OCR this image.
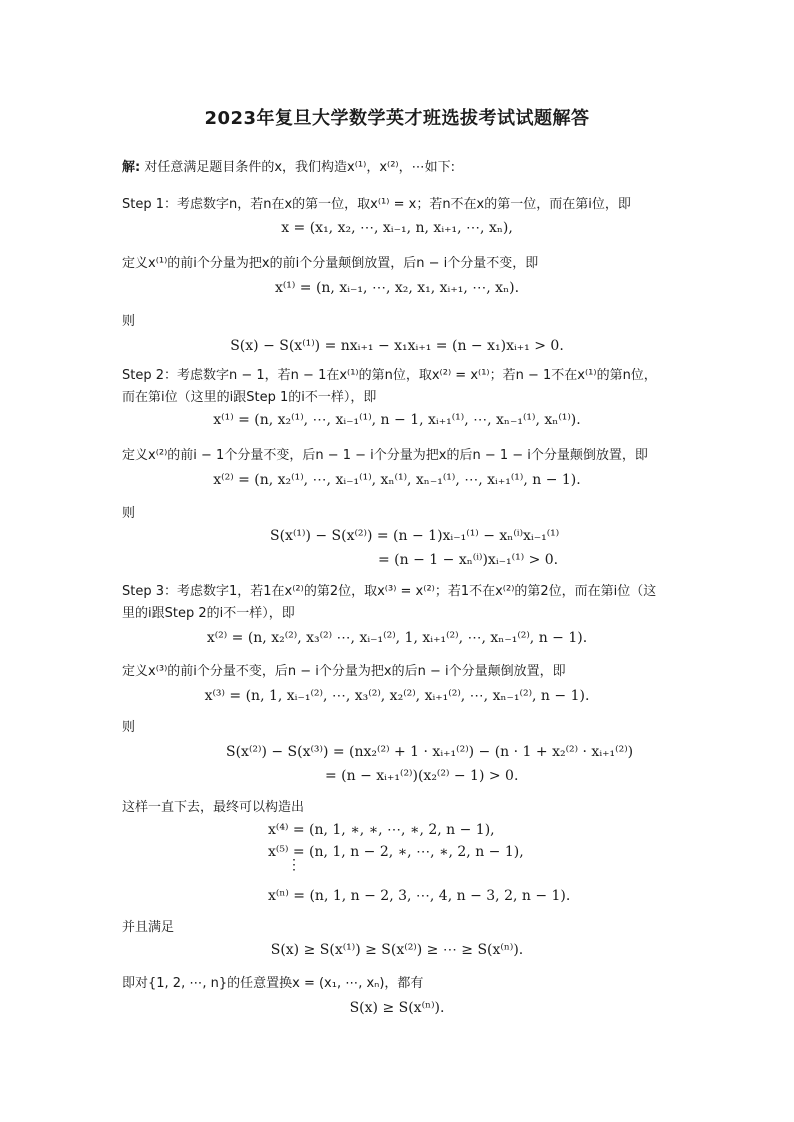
2023年复旦大学数学英才班选拔考试试题解答
解: 对任意满足题目条件的x，我们构造x⁽¹⁾，x⁽²⁾，⋯如下:
Step 1：考虑数字n，若n在x的第一位，取x⁽¹⁾ = x；若n不在x的第一位，而在第i位，即
x = (x₁, x₂, ⋯, xᵢ₋₁, n, xᵢ₊₁, ⋯, xₙ),
定义x⁽¹⁾的前i个分量为把x的前i个分量颠倒放置，后n − i个分量不变，即
x⁽¹⁾ = (n, xᵢ₋₁, ⋯, x₂, x₁, xᵢ₊₁, ⋯, xₙ).
则
S(x) − S(x⁽¹⁾) = nxᵢ₊₁ − x₁xᵢ₊₁ = (n − x₁)xᵢ₊₁ > 0.
Step 2：考虑数字n − 1，若n − 1在x⁽¹⁾的第n位，取x⁽²⁾ = x⁽¹⁾；若n − 1不在x⁽¹⁾的第n位，
而在第i位（这里的i跟Step 1的i不一样），即
x⁽¹⁾ = (n, x₂⁽¹⁾, ⋯, xᵢ₋₁⁽¹⁾, n − 1, xᵢ₊₁⁽¹⁾, ⋯, xₙ₋₁⁽¹⁾, xₙ⁽¹⁾).
定义x⁽²⁾的前i − 1个分量不变，后n − 1 − i个分量为把x的后n − 1 − i个分量颠倒放置，即
x⁽²⁾ = (n, x₂⁽¹⁾, ⋯, xᵢ₋₁⁽¹⁾, xₙ⁽¹⁾, xₙ₋₁⁽¹⁾, ⋯, xᵢ₊₁⁽¹⁾, n − 1).
则
S(x⁽¹⁾) − S(x⁽²⁾) = (n − 1)xᵢ₋₁⁽¹⁾ − xₙ⁽ⁱ⁾xᵢ₋₁⁽¹⁾
= (n − 1 − xₙ⁽ⁱ⁾)xᵢ₋₁⁽¹⁾ > 0.
Step 3：考虑数字1，若1在x⁽²⁾的第2位，取x⁽³⁾ = x⁽²⁾；若1不在x⁽²⁾的第2位，而在第i位（这
里的i跟Step 2的i不一样），即
x⁽²⁾ = (n, x₂⁽²⁾, x₃⁽²⁾ ⋯, xᵢ₋₁⁽²⁾, 1, xᵢ₊₁⁽²⁾, ⋯, xₙ₋₁⁽²⁾, n − 1).
定义x⁽³⁾的前i个分量不变，后n − i个分量为把x的后n − i个分量颠倒放置，即
x⁽³⁾ = (n, 1, xᵢ₋₁⁽²⁾, ⋯, x₃⁽²⁾, x₂⁽²⁾, xᵢ₊₁⁽²⁾, ⋯, xₙ₋₁⁽²⁾, n − 1).
则
S(x⁽²⁾) − S(x⁽³⁾) = (nx₂⁽²⁾ + 1 · xᵢ₊₁⁽²⁾) − (n · 1 + x₂⁽²⁾ · xᵢ₊₁⁽²⁾)
= (n − xᵢ₊₁⁽²⁾)(x₂⁽²⁾ − 1) > 0.
这样一直下去，最终可以构造出
x⁽⁴⁾ = (n, 1, ∗, ∗, ⋯, ∗, 2, n − 1),
x⁽⁵⁾ = (n, 1, n − 2, ∗, ⋯, ∗, 2, n − 1),
⋮
x⁽ⁿ⁾ = (n, 1, n − 2, 3, ⋯, 4, n − 3, 2, n − 1).
并且满足
S(x) ≥ S(x⁽¹⁾) ≥ S(x⁽²⁾) ≥ ⋯ ≥ S(x⁽ⁿ⁾).
即对{1, 2, ⋯, n}的任意置换x = (x₁, ⋯, xₙ)，都有
S(x) ≥ S(x⁽ⁿ⁾).
